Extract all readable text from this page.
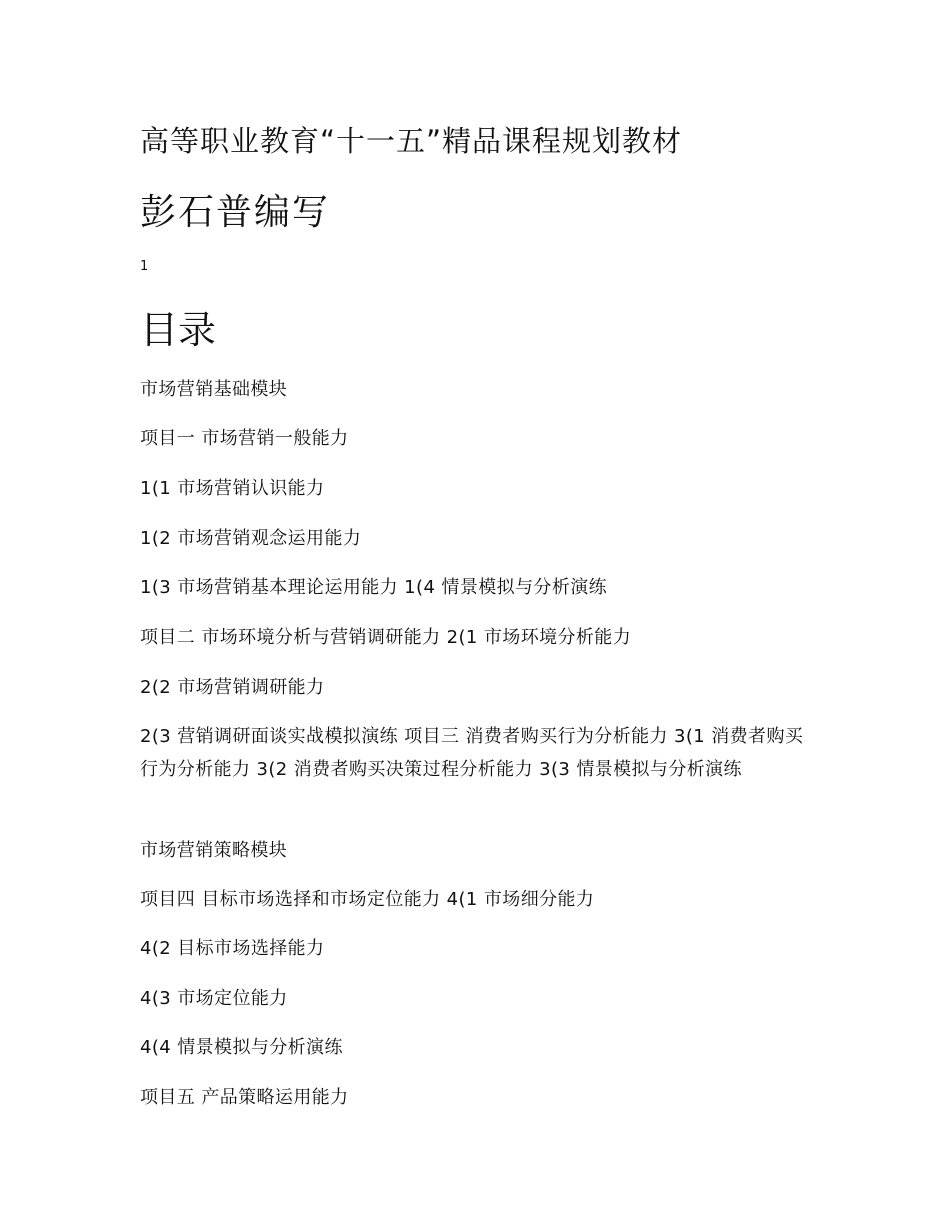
高等职业教育“十一五”精品课程规划教材
彭石普编写
1
目录
市场营销基础模块
项目一 市场营销一般能力
1(1 市场营销认识能力
1(2 市场营销观念运用能力
1(3 市场营销基本理论运用能力 1(4 情景模拟与分析演练
项目二 市场环境分析与营销调研能力 2(1 市场环境分析能力
2(2 市场营销调研能力
2(3 营销调研面谈实战模拟演练 项目三 消费者购买行为分析能力 3(1 消费者购买行为分析能力 3(2 消费者购买决策过程分析能力 3(3 情景模拟与分析演练
市场营销策略模块
项目四 目标市场选择和市场定位能力 4(1 市场细分能力
4(2 目标市场选择能力
4(3 市场定位能力
4(4 情景模拟与分析演练
项目五 产品策略运用能力
